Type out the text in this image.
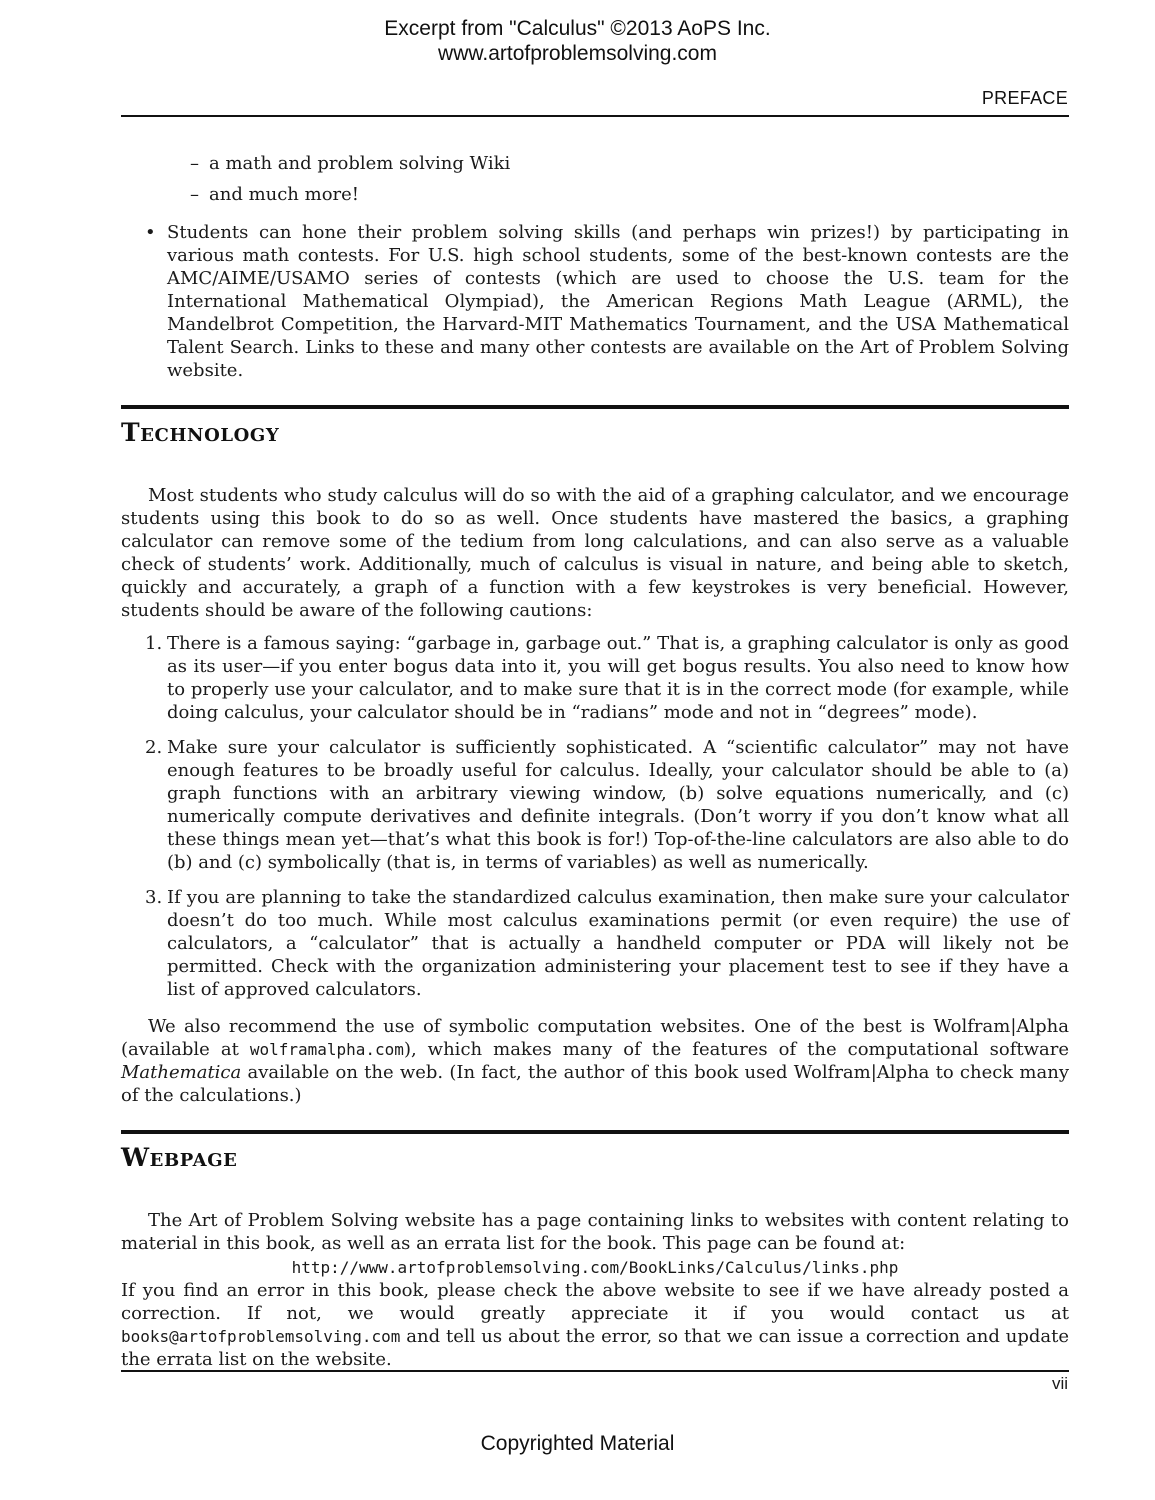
Excerpt from "Calculus" ©2013 AoPS Inc.
www.artofproblemsolving.com
PREFACE
– a math and problem solving Wiki
– and much more!
• Students can hone their problem solving skills (and perhaps win prizes!) by participating in various math contests. For U.S. high school students, some of the best-known contests are the AMC/AIME/USAMO series of contests (which are used to choose the U.S. team for the International Mathematical Olympiad), the American Regions Math League (ARML), the Mandelbrot Competition, the Harvard-MIT Mathematics Tournament, and the USA Mathematical Talent Search. Links to these and many other contests are available on the Art of Problem Solving website.
Technology
Most students who study calculus will do so with the aid of a graphing calculator, and we encourage students using this book to do so as well. Once students have mastered the basics, a graphing calculator can remove some of the tedium from long calculations, and can also serve as a valuable check of students’ work. Additionally, much of calculus is visual in nature, and being able to sketch, quickly and accurately, a graph of a function with a few keystrokes is very beneficial. However, students should be aware of the following cautions:
1. There is a famous saying: “garbage in, garbage out.” That is, a graphing calculator is only as good as its user—if you enter bogus data into it, you will get bogus results. You also need to know how to properly use your calculator, and to make sure that it is in the correct mode (for example, while doing calculus, your calculator should be in “radians” mode and not in “degrees” mode).
2. Make sure your calculator is sufficiently sophisticated. A “scientific calculator” may not have enough features to be broadly useful for calculus. Ideally, your calculator should be able to (a) graph functions with an arbitrary viewing window, (b) solve equations numerically, and (c) numerically compute derivatives and definite integrals. (Don’t worry if you don’t know what all these things mean yet—that’s what this book is for!) Top-of-the-line calculators are also able to do (b) and (c) symbolically (that is, in terms of variables) as well as numerically.
3. If you are planning to take the standardized calculus examination, then make sure your calculator doesn’t do too much. While most calculus examinations permit (or even require) the use of calculators, a “calculator” that is actually a handheld computer or PDA will likely not be permitted. Check with the organization administering your placement test to see if they have a list of approved calculators.
We also recommend the use of symbolic computation websites. One of the best is Wolfram|Alpha (available at wolframalpha.com), which makes many of the features of the computational software Mathematica available on the web. (In fact, the author of this book used Wolfram|Alpha to check many of the calculations.)
Webpage
The Art of Problem Solving website has a page containing links to websites with content relating to material in this book, as well as an errata list for the book. This page can be found at:
http://www.artofproblemsolving.com/BookLinks/Calculus/links.php
If you find an error in this book, please check the above website to see if we have already posted a correction. If not, we would greatly appreciate it if you would contact us at books@artofproblemsolving.com and tell us about the error, so that we can issue a correction and update the errata list on the website.
vii
Copyrighted Material
